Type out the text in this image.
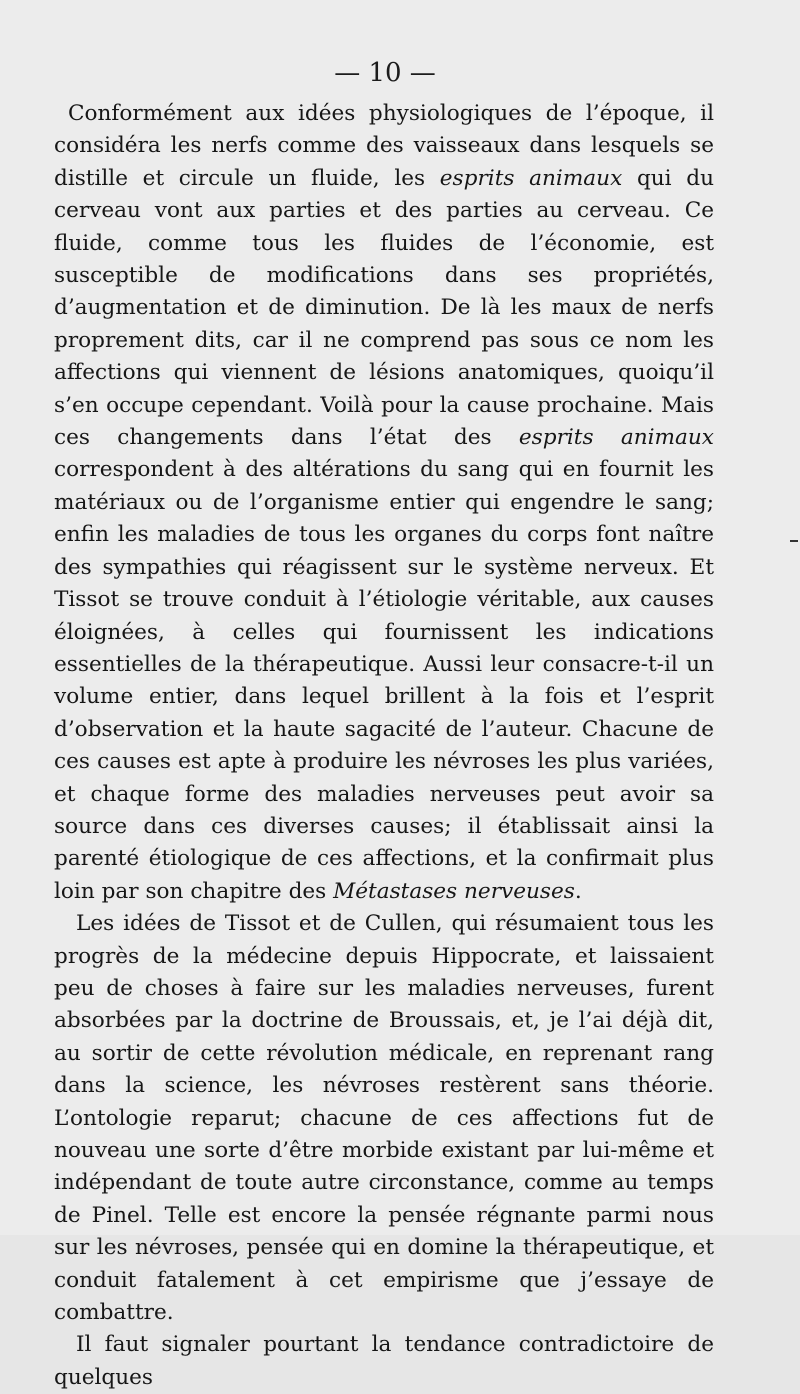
— 10 —

Conformément aux idées physiologiques de l’époque, il considéra les nerfs comme des vaisseaux dans lesquels se distille et circule un fluide, les esprits animaux qui du cerveau vont aux parties et des parties au cerveau. Ce fluide, comme tous les fluides de l’économie, est susceptible de modifications dans ses propriétés, d’augmentation et de diminution. De là les maux de nerfs proprement dits, car il ne comprend pas sous ce nom les affections qui viennent de lésions anatomiques, quoiqu’il s’en occupe cependant. Voilà pour la cause prochaine. Mais ces changements dans l’état des esprits animaux correspondent à des altérations du sang qui en fournit les matériaux ou de l’organisme entier qui engendre le sang; enfin les maladies de tous les organes du corps font naître des sympathies qui réagissent sur le système nerveux. Et Tissot se trouve conduit à l’étiologie véritable, aux causes éloignées, à celles qui fournissent les indications essentielles de la thérapeutique. Aussi leur consacre-t-il un volume entier, dans lequel brillent à la fois et l’esprit d’observation et la haute sagacité de l’auteur. Chacune de ces causes est apte à produire les névroses les plus variées, et chaque forme des maladies nerveuses peut avoir sa source dans ces diverses causes; il établissait ainsi la parenté étiologique de ces affections, et la confirmait plus loin par son chapitre des Métastases nerveuses.

Les idées de Tissot et de Cullen, qui résumaient tous les progrès de la médecine depuis Hippocrate, et laissaient peu de choses à faire sur les maladies nerveuses, furent absorbées par la doctrine de Broussais, et, je l’ai déjà dit, au sortir de cette révolution médicale, en reprenant rang dans la science, les névroses restèrent sans théorie. L’ontologie reparut; chacune de ces affections fut de nouveau une sorte d’être morbide existant par lui-même et indépendant de toute autre circonstance, comme au temps de Pinel. Telle est encore la pensée régnante parmi nous sur les névroses, pensée qui en domine la thérapeutique, et conduit fatalement à cet empirisme que j’essaye de combattre.

Il faut signaler pourtant la tendance contradictoire de quelques
